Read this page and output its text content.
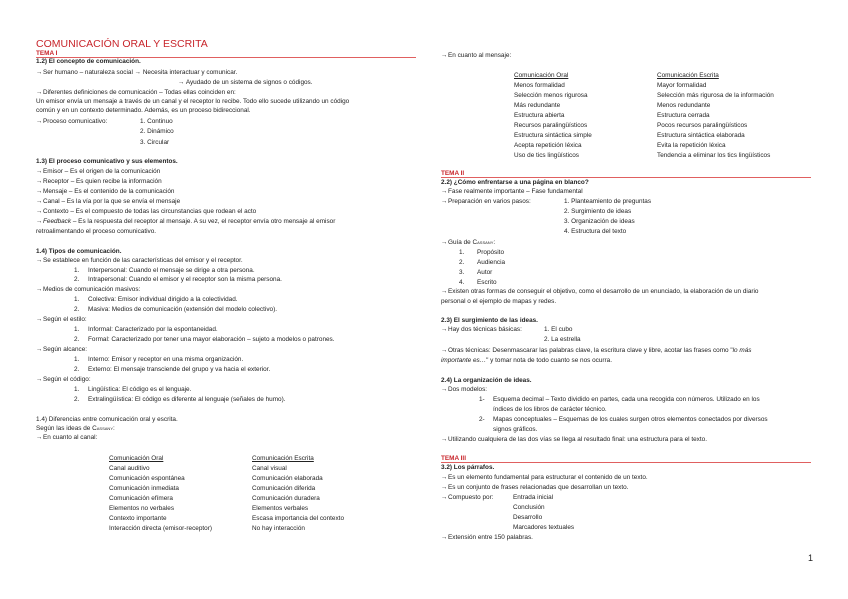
COMUNICACIÓN ORAL Y ESCRITA
TEMA I
1.2) El concepto de comunicación.
→Ser humano – naturaleza social → Necesita interactuar y comunicar.
→ Ayudado de un sistema de signos o códigos.
→Diferentes definiciones de comunicación – Todas ellas coinciden en:
Un emisor envía un mensaje a través de un canal y el receptor lo recibe. Todo ello sucede utilizando un código
común y en un contexto determinado. Además, es un proceso bidireccional.
→Proceso comunicativo:	1. Continuo
2. Dinámico
3. Circular
1.3) El proceso comunicativo y sus elementos.
→Emisor – Es el origen de la comunicación
→Receptor – Es quien recibe la información
→Mensaje – Es el contenido de la comunicación
→Canal – Es la vía por la que se envía el mensaje
→Contexto – Es el compuesto de todas las circunstancias que rodean el acto
→Feedback – Es la respuesta del receptor al mensaje. A su vez, el receptor envía otro mensaje al emisor
retroalimentando el proceso comunicativo.
1.4) Tipos de comunicación.
→Se establece en función de las características del emisor y el receptor.
1. Interpersonal: Cuando el mensaje se dirige a otra persona.
2. Intrapersonal: Cuando el emisor y el receptor son la misma persona.
→Medios de comunicación masivos:
1. Colectiva: Emisor individual dirigido a la colectividad.
2. Masiva: Medios de comunicación (extensión del modelo colectivo).
→Según el estilo:
1. Informal: Caracterizado por la espontaneidad.
2. Formal: Caracterizado por tener una mayor elaboración – sujeto a modelos o patrones.
→Según alcance:
1. Interno: Emisor y receptor en una misma organización.
2. Externo: El mensaje transciende del grupo y va hacia el exterior.
→Según el código:
1. Lingüística: El código es el lenguaje.
2. Extralingüística: El código es diferente al lenguaje (señales de humo).
1.4) Diferencias entre comunicación oral y escrita.
Según las ideas de Cassany:
→En cuanto al canal:
Comunicación Oral	Comunicación Escrita
Canal auditivo	Canal visual
Comunicación espontánea	Comunicación elaborada
Comunicación inmediata	Comunicación diferida
Comunicación efímera	Comunicación duradera
Elementos no verbales	Elementos verbales
Contexto importante	Escasa importancia del contexto
Interacción directa (emisor-receptor)	No hay interacción
→En cuanto al mensaje:
Comunicación Oral	Comunicación Escrita
Menos formalidad	Mayor formalidad
Selección menos rigurosa	Selección más rigurosa de la información
Más redundante	Menos redundante
Estructura abierta	Estructura cerrada
Recursos paralingüísticos	Pocos recursos paralingüísticos
Estructura sintáctica simple	Estructura sintáctica elaborada
Acepta repetición léxica	Evita la repetición léxica
Uso de tics lingüísticos	Tendencia a eliminar los tics lingüísticos
TEMA II
2.2) ¿Cómo enfrentarse a una página en blanco?
→Fase realmente importante – Fase fundamental
→Preparación en varios pasos:	1. Planteamiento de preguntas
2. Surgimiento de ideas
3. Organización de ideas
4. Estructura del texto
→Guía de Cassany:
1. Propósito
2. Audiencia
3. Autor
4. Escrito
→Existen otras formas de conseguir el objetivo, como el desarrollo de un enunciado, la elaboración de un diario
personal o el ejemplo de mapas y redes.
2.3) El surgimiento de las ideas.
→Hay dos técnicas básicas:	1. El cubo
2. La estrella
→Otras técnicas: Desenmascarar las palabras clave, la escritura clave y libre, acotar las frases como "lo más
importante es…" y tomar nota de todo cuanto se nos ocurra.
2.4) La organización de ideas.
→Dos modelos:
1- Esquema decimal – Texto dividido en partes, cada una recogida con números. Utilizado en los
índices de los libros de carácter técnico.
2- Mapas conceptuales – Esquemas de los cuales surgen otros elementos conectados por diversos
signos gráficos.
→Utilizando cualquiera de las dos vías se llega al resultado final: una estructura para el texto.
TEMA III
3.2) Los párrafos.
→Es un elemento fundamental para estructurar el contenido de un texto.
→Es un conjunto de frases relacionadas que desarrollan un texto.
→Compuesto por:	Entrada inicial
Conclusión
Desarrollo
Marcadores textuales
→Extensión entre 150 palabras.
1
